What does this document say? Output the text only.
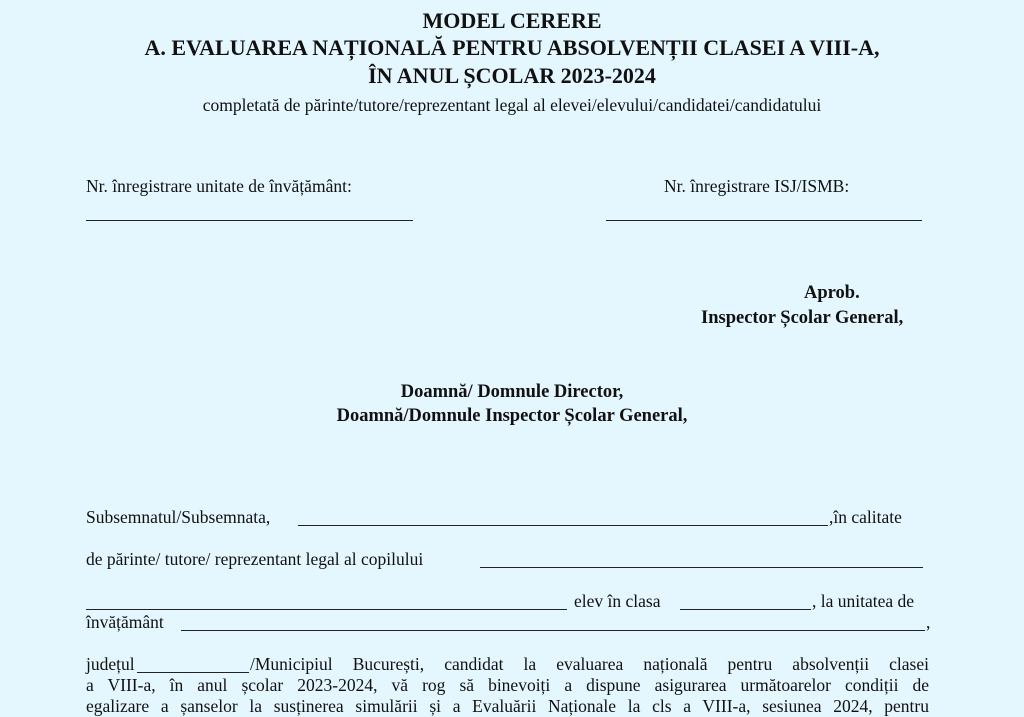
MODEL CERERE
A. EVALUAREA NAȚIONALĂ PENTRU ABSOLVENȚII CLASEI A VIII-A,
ÎN ANUL ȘCOLAR 2023-2024
completată de părinte/tutore/reprezentant legal al elevei/elevului/candidatei/candidatului
Nr. înregistrare unitate de învățământ:	Nr. înregistrare ISJ/ISMB:
Aprob.
Inspector Școlar General,
Doamnă/ Domnule Director,
Doamnă/Domnule Inspector Școlar General,
Subsemnatul/Subsemnata,	,în calitate
de părinte/ tutore/ reprezentant legal al copilului
elev în clasa	, la unitatea de
învățământ	,
județul	/Municipiul București, candidat la evaluarea națională pentru absolvenții clasei
a VIII-a, în anul școlar 2023-2024, vă rog să binevoiți a dispune asigurarea următoarelor condiții de
egalizare a șanselor la susținerea simulării și a Evaluării Naționale la cls a VIII-a, sesiunea 2024, pentru
